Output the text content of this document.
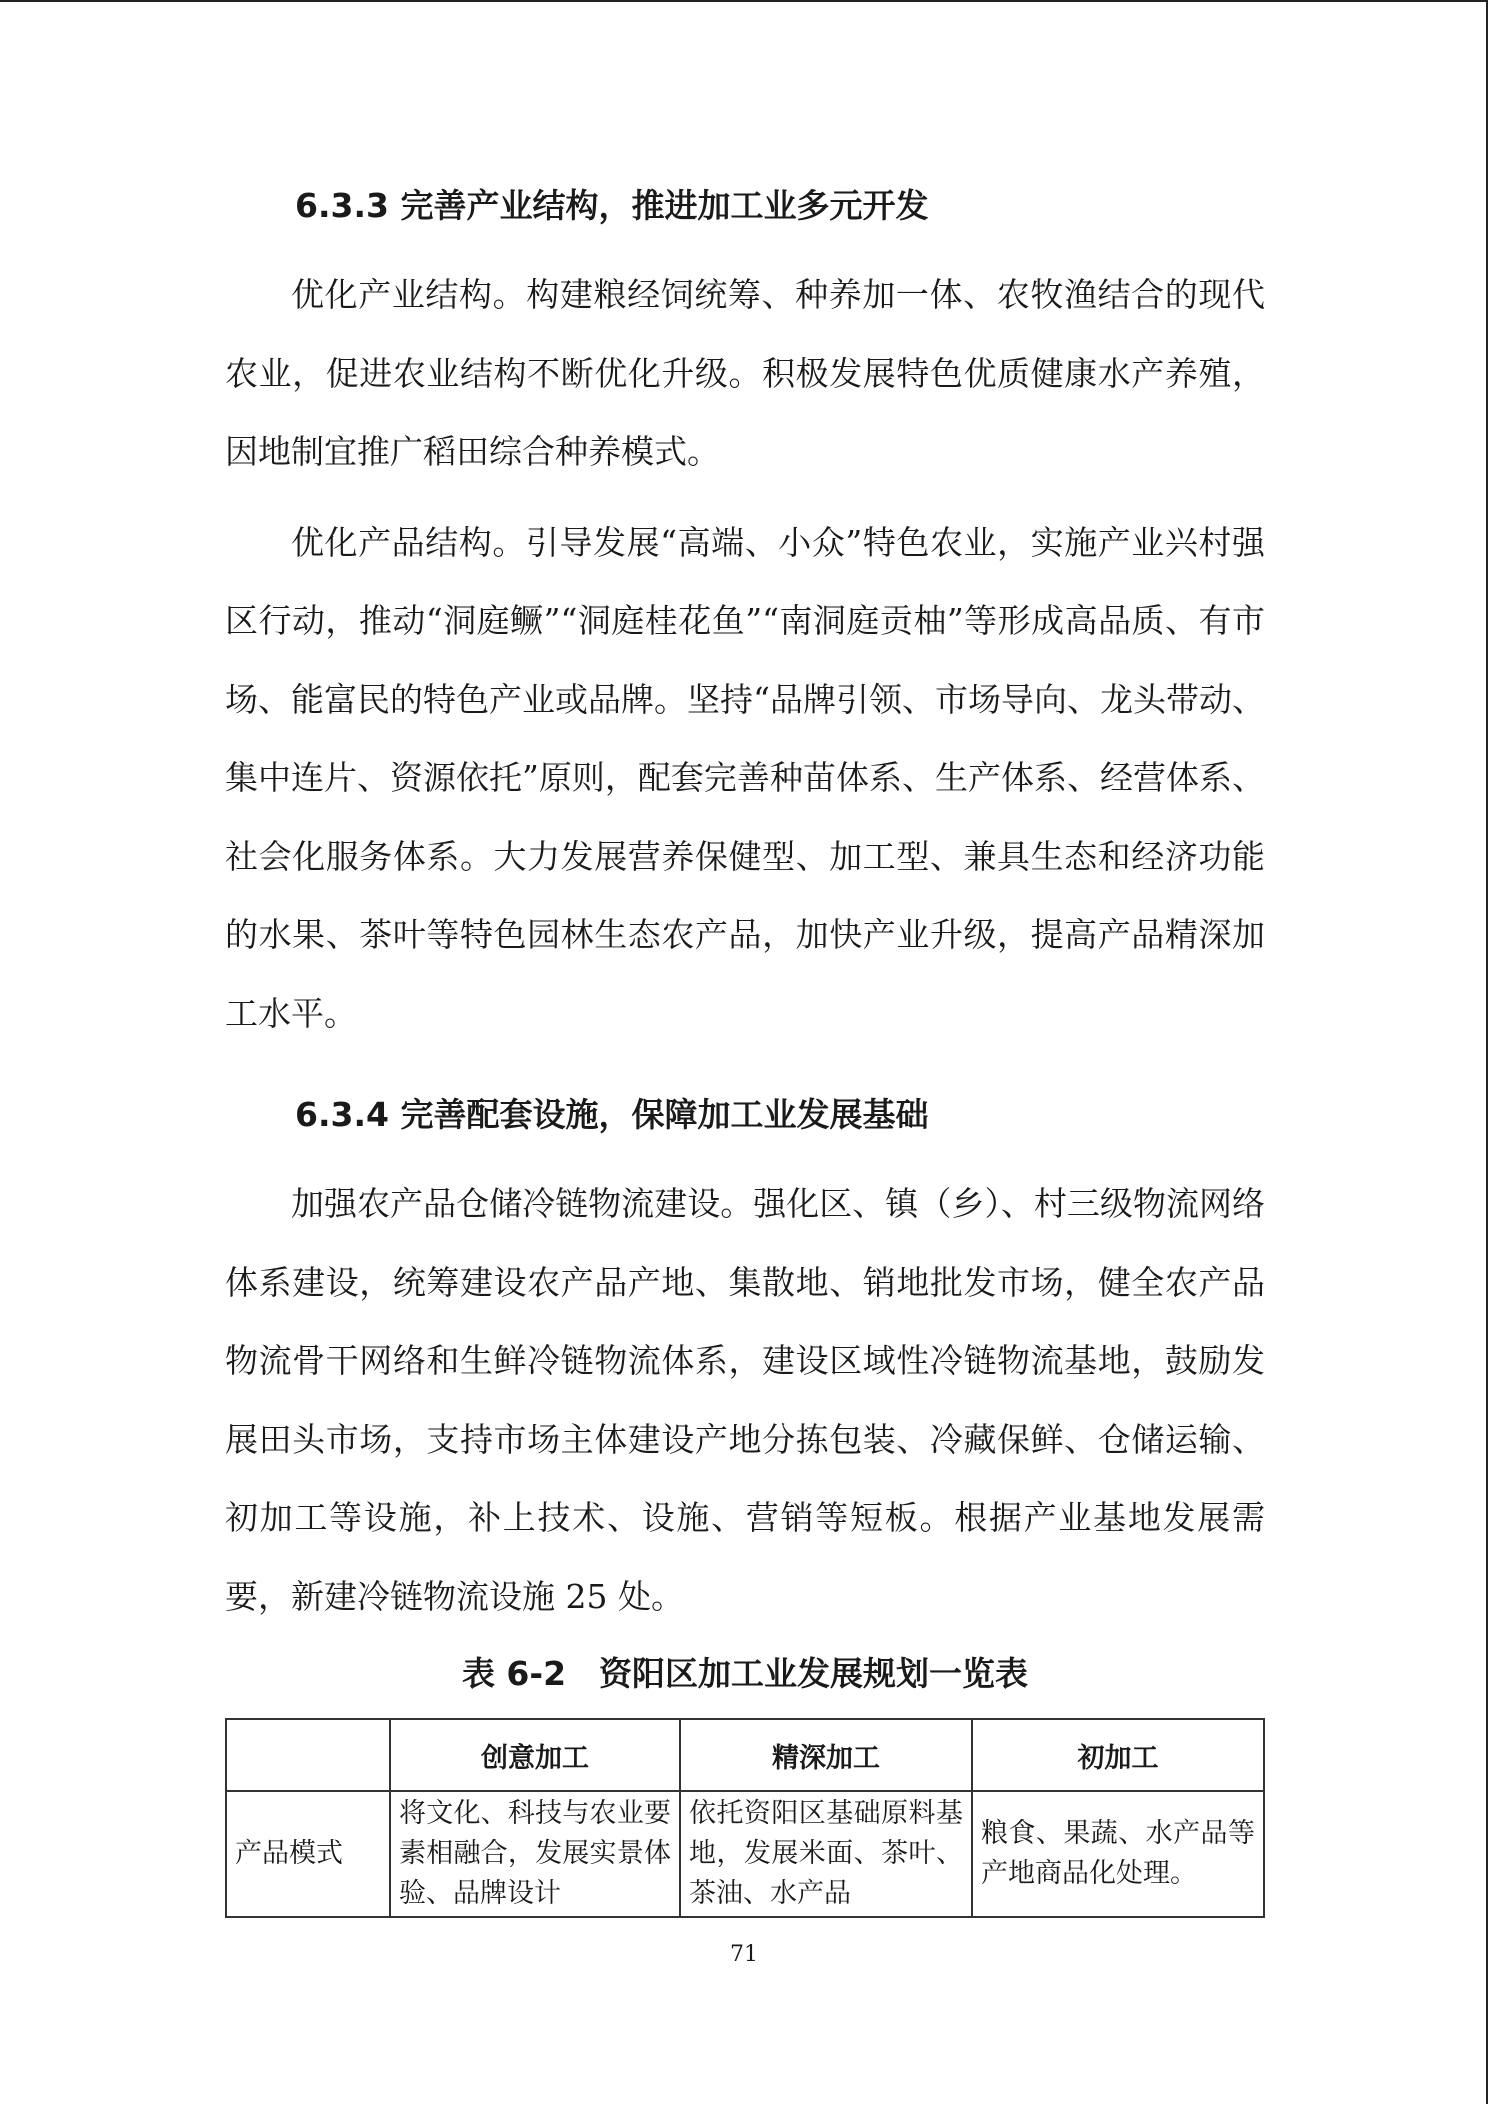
6.3.3 完善产业结构，推进加工业多元开发

优化产业结构。构建粮经饲统筹、种养加一体、农牧渔结合的现代农业，促进农业结构不断优化升级。积极发展特色优质健康水产养殖，因地制宜推广稻田综合种养模式。

优化产品结构。引导发展“高端、小众”特色农业，实施产业兴村强区行动，推动“洞庭鳜”“洞庭桂花鱼”“南洞庭贡柚”等形成高品质、有市场、能富民的特色产业或品牌。坚持“品牌引领、市场导向、龙头带动、集中连片、资源依托”原则，配套完善种苗体系、生产体系、经营体系、社会化服务体系。大力发展营养保健型、加工型、兼具生态和经济功能的水果、茶叶等特色园林生态农产品，加快产业升级，提高产品精深加工水平。

6.3.4 完善配套设施，保障加工业发展基础

加强农产品仓储冷链物流建设。强化区、镇（乡）、村三级物流网络体系建设，统筹建设农产品产地、集散地、销地批发市场，健全农产品物流骨干网络和生鲜冷链物流体系，建设区域性冷链物流基地，鼓励发展田头市场，支持市场主体建设产地分拣包装、冷藏保鲜、仓储运输、初加工等设施，补上技术、设施、营销等短板。根据产业基地发展需要，新建冷链物流设施 25 处。

表 6-2　资阳区加工业发展规划一览表
	创意加工	精深加工	初加工
产品模式	将文化、科技与农业要素相融合，发展实景体验、品牌设计	依托资阳区基础原料基地，发展米面、茶叶、茶油、水产品	粮食、果蔬、水产品等产地商品化处理。
71
